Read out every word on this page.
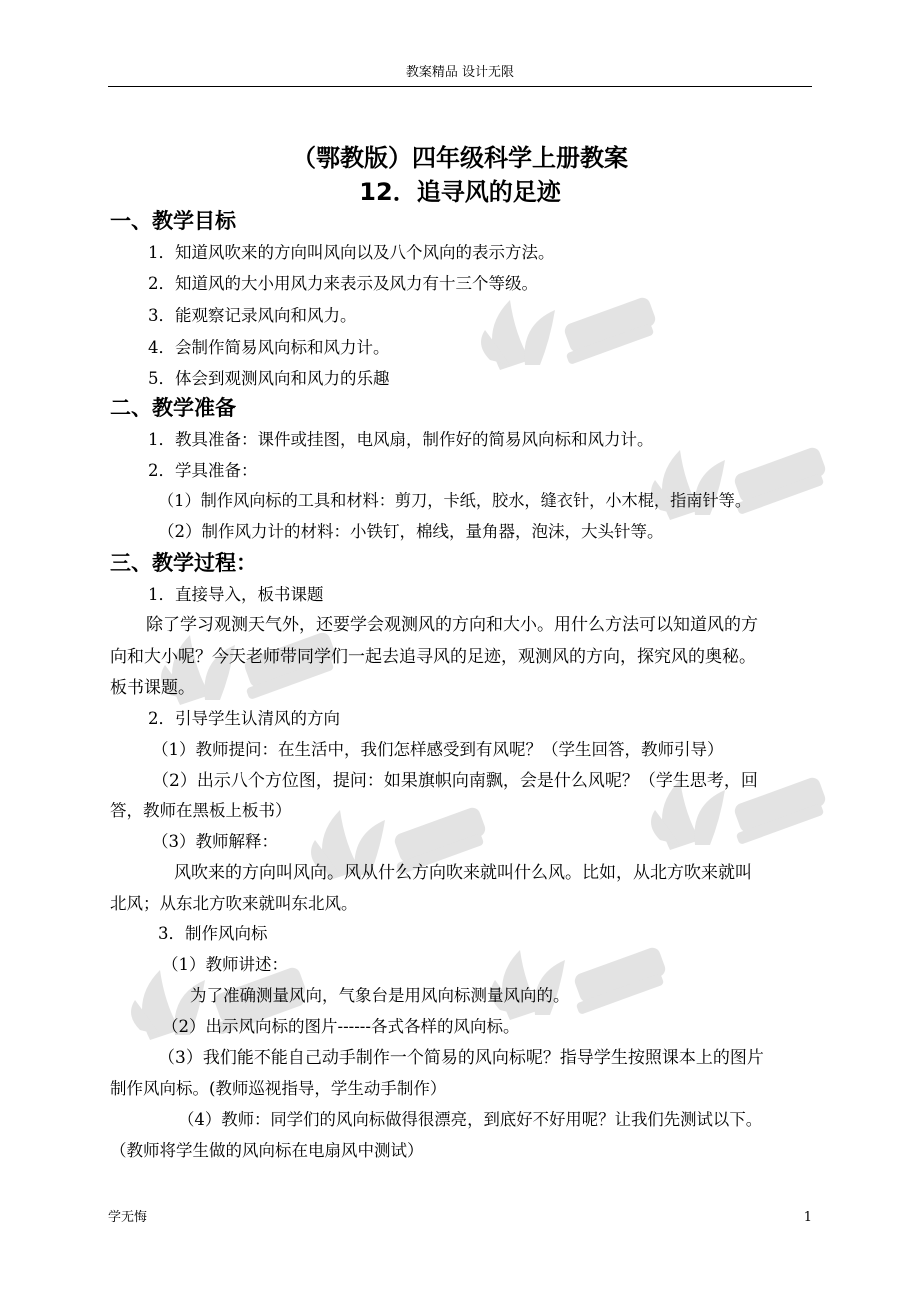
教案精品 设计无限
（鄂教版）四年级科学上册教案
12．追寻风的足迹
一、教学目标
1．知道风吹来的方向叫风向以及八个风向的表示方法。
2．知道风的大小用风力来表示及风力有十三个等级。
3．能观察记录风向和风力。
4．会制作简易风向标和风力计。
5．体会到观测风向和风力的乐趣
二、教学准备
1．教具准备：课件或挂图，电风扇，制作好的简易风向标和风力计。
2．学具准备：
（1）制作风向标的工具和材料：剪刀，卡纸，胶水，缝衣针，小木棍，指南针等。
（2）制作风力计的材料：小铁钉，棉线，量角器，泡沫，大头针等。
三、教学过程：
1．直接导入，板书课题
除了学习观测天气外，还要学会观测风的方向和大小。用什么方法可以知道风的方
向和大小呢？今天老师带同学们一起去追寻风的足迹，观测风的方向，探究风的奥秘。
板书课题。
2．引导学生认清风的方向
（1）教师提问：在生活中，我们怎样感受到有风呢？（学生回答，教师引导）
（2）出示八个方位图，提问：如果旗帜向南飘，会是什么风呢？（学生思考，回
答，教师在黑板上板书）
（3）教师解释：
风吹来的方向叫风向。风从什么方向吹来就叫什么风。比如，从北方吹来就叫
北风；从东北方吹来就叫东北风。
3．制作风向标
（1）教师讲述：
为了准确测量风向，气象台是用风向标测量风向的。
（2）出示风向标的图片------各式各样的风向标。
（3）我们能不能自己动手制作一个简易的风向标呢？指导学生按照课本上的图片
制作风向标。(教师巡视指导，学生动手制作）
（4）教师：同学们的风向标做得很漂亮，到底好不好用呢？让我们先测试以下。
（教师将学生做的风向标在电扇风中测试）
学无悔	1
